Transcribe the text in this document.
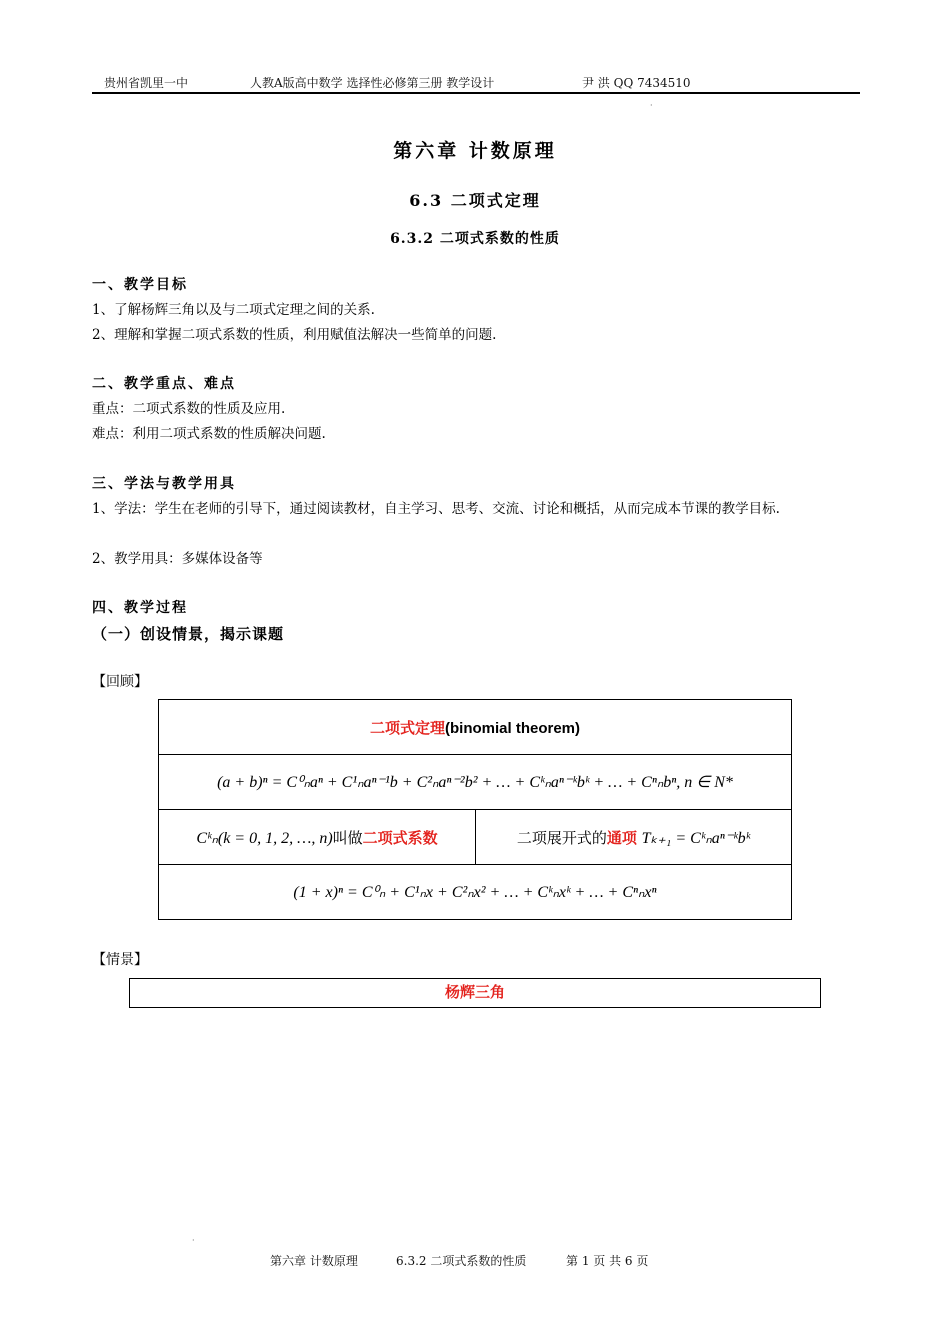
贵州省凯里一中	人教A版高中数学 选择性必修第三册 教学设计	尹 洪 QQ 7434510
·
第六章 计数原理
6.3 二项式定理
6.3.2 二项式系数的性质
一、教学目标
1、了解杨辉三角以及与二项式定理之间的关系.
2、理解和掌握二项式系数的性质，利用赋值法解决一些简单的问题.
二、教学重点、难点
重点：二项式系数的性质及应用.
难点：利用二项式系数的性质解决问题.
三、学法与教学用具
1、学法：学生在老师的引导下，通过阅读教材，自主学习、思考、交流、讨论和概括，从而完成本节课的教学目标.
2、教学用具：多媒体设备等
四、教学过程
（一）创设情景，揭示课题
【回顾】
二项式定理(binomial theorem)
(a + b)ⁿ = C⁰ₙaⁿ + C¹ₙaⁿ⁻¹b + C²ₙaⁿ⁻²b² + … + Cᵏₙaⁿ⁻ᵏbᵏ + … + Cⁿₙbⁿ, n ∈ N*
Cᵏₙ(k = 0, 1, 2, …, n)叫做二项式系数	二项展开式的通项 Tₖ₊₁ = Cᵏₙaⁿ⁻ᵏbᵏ
(1 + x)ⁿ = C⁰ₙ + C¹ₙx + C²ₙx² + … + Cᵏₙxᵏ + … + Cⁿₙxⁿ
【情景】
杨辉三角
·
第六章 计数原理	6.3.2 二项式系数的性质	第 1 页 共 6 页
